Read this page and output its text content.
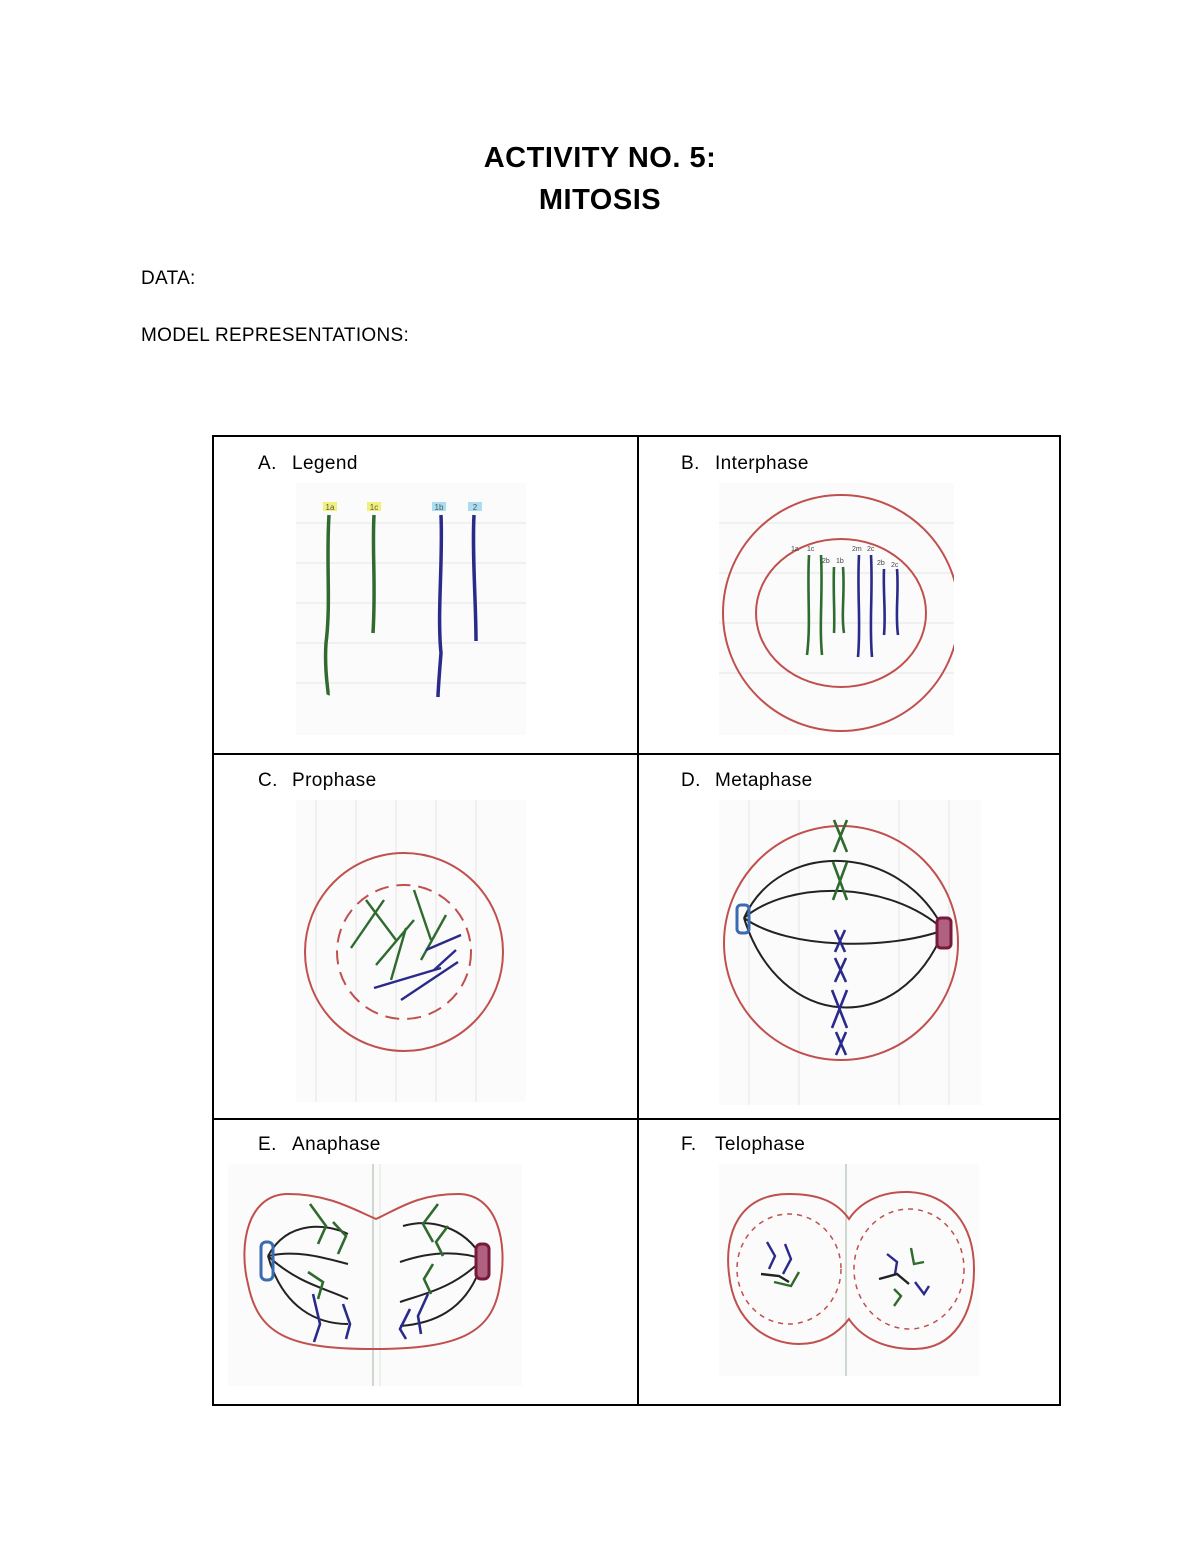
ACTIVITY NO. 5:
MITOSIS
DATA:
MODEL REPRESENTATIONS:
A. Legend
1a	1c	1b	2
B. Interphase
1a 1c
2b 1b
2m 2c
2b 2c
C. Prophase	D. Metaphase
E. Anaphase	F. Telophase
